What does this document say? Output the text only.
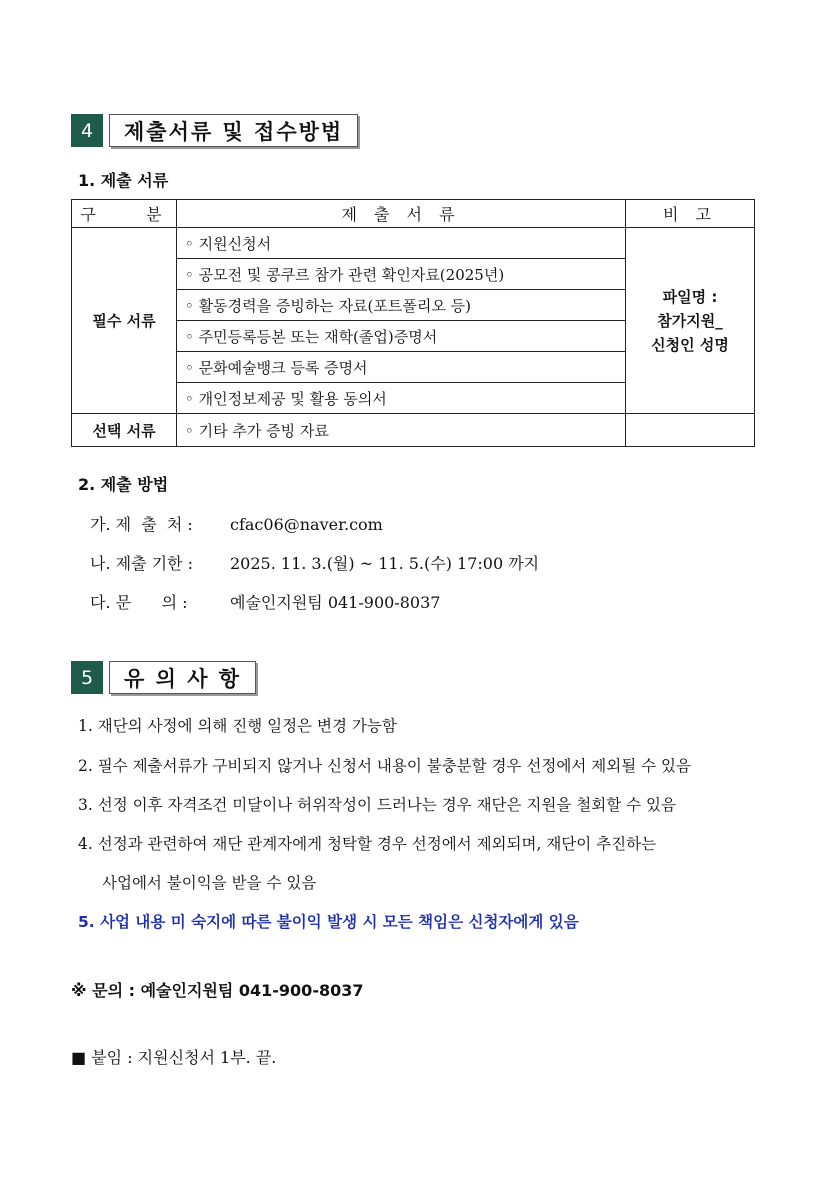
4	제출서류 및 접수방법
1. 제출 서류
구    분	제 출 서 류	비 고
필수 서류	◦ 지원신청서	파일명 :
참가지원_
신청인 성명

	◦ 공모전 및 콩쿠르 참가 관련 확인자료(2025년)	
	◦ 활동경력을 증빙하는 자료(포트폴리오 등)	
	◦ 주민등록등본 또는 재학(졸업)증명서	
	◦ 문화예술뱅크 등록 증명서	
	◦ 개인정보제공 및 활용 동의서	
선택 서류	◦ 기타 추가 증빙 자료	
2. 제출 방법
가. 제  출  처 : cfac06@naver.com
나. 제출 기한 : 2025. 11. 3.(월) ~ 11. 5.(수) 17:00 까지
다. 문      의 : 예술인지원팀 041-900-8037
5	유 의 사 항
1. 재단의 사정에 의해 진행 일정은 변경 가능함
2. 필수 제출서류가 구비되지 않거나 신청서 내용이 불충분할 경우 선정에서 제외될 수 있음
3. 선정 이후 자격조건 미달이나 허위작성이 드러나는 경우 재단은 지원을 철회할 수 있음
4. 선정과 관련하여 재단 관계자에게 청탁할 경우 선정에서 제외되며, 재단이 추진하는
사업에서 불이익을 받을 수 있음
5. 사업 내용 미 숙지에 따른 불이익 발생 시 모든 책임은 신청자에게 있음
※ 문의 : 예술인지원팀 041-900-8037
■ 붙임 : 지원신청서 1부. 끝.
